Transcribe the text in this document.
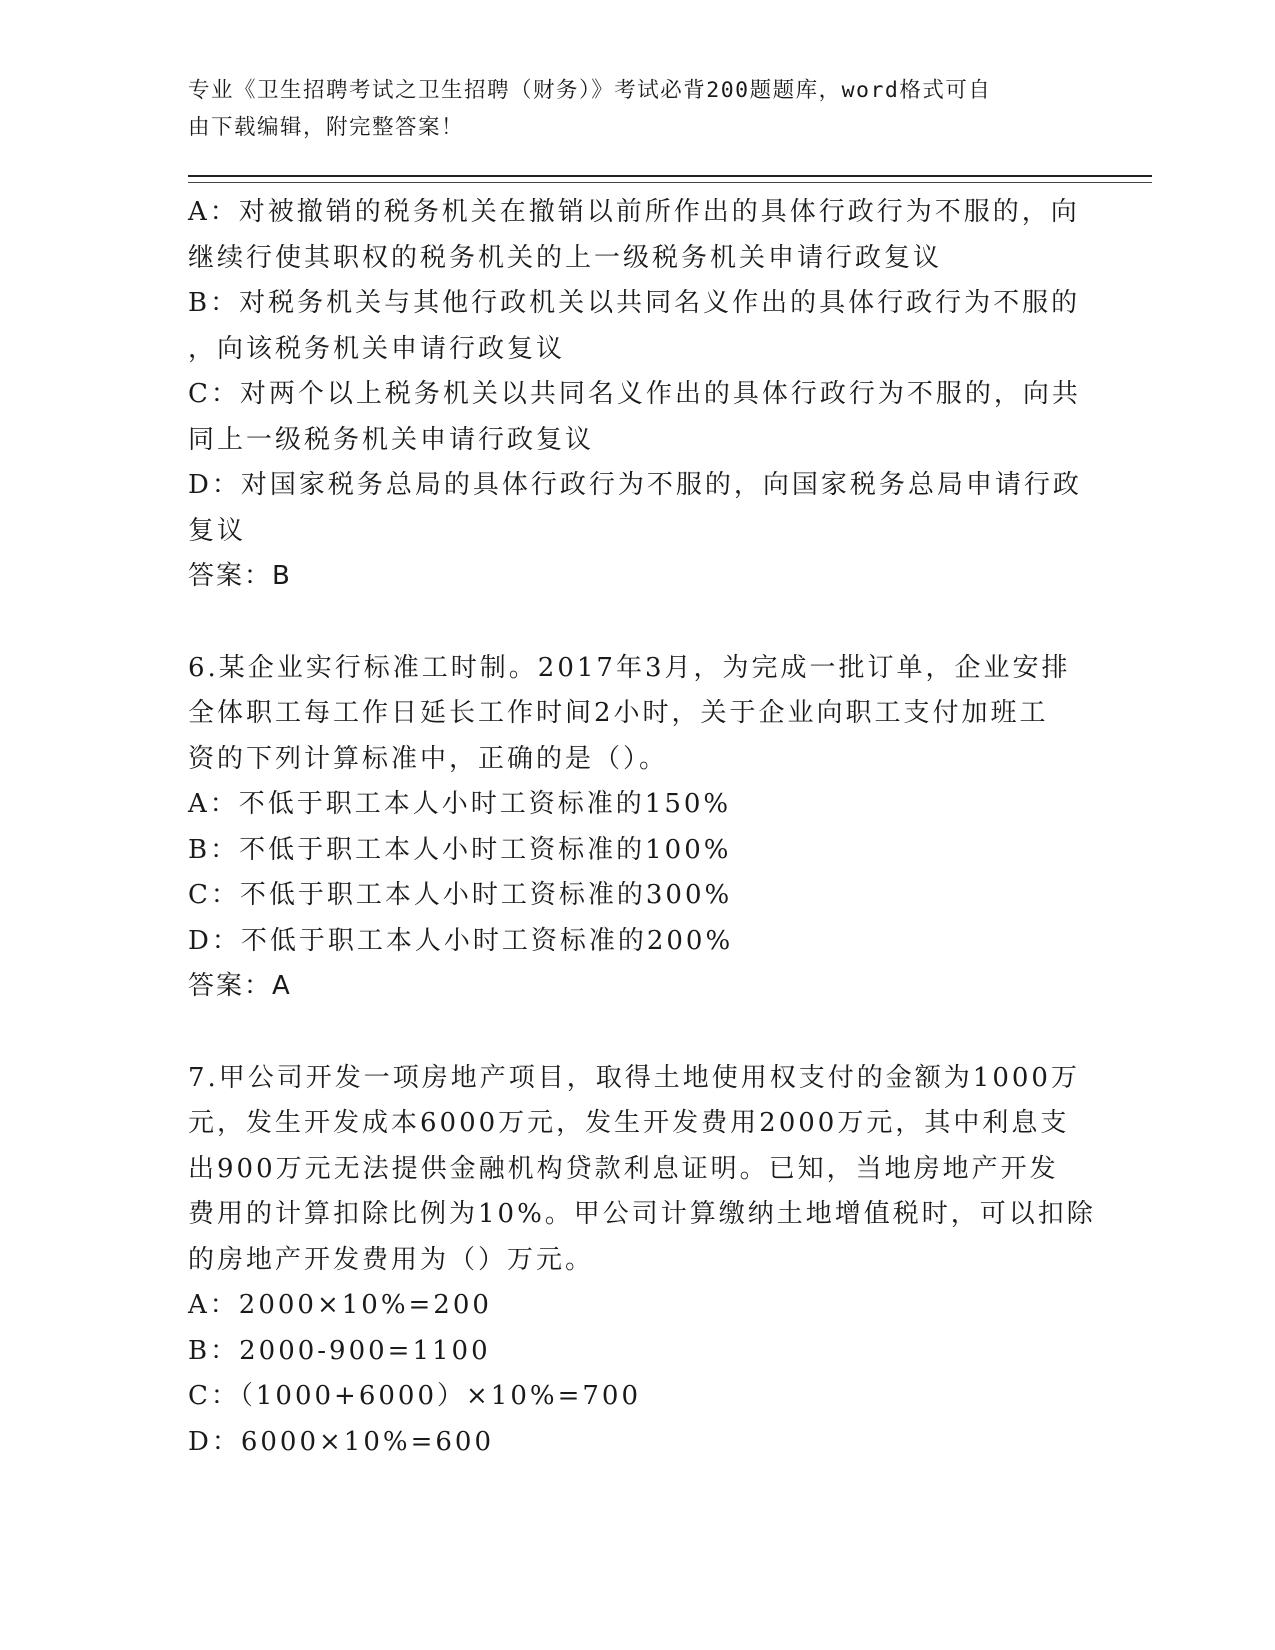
专业《卫生招聘考试之卫生招聘（财务）》考试必背200题题库，word格式可自
由下载编辑，附完整答案！
A：对被撤销的税务机关在撤销以前所作出的具体行政行为不服的，向
继续行使其职权的税务机关的上一级税务机关申请行政复议
B：对税务机关与其他行政机关以共同名义作出的具体行政行为不服的
，向该税务机关申请行政复议
C：对两个以上税务机关以共同名义作出的具体行政行为不服的，向共
同上一级税务机关申请行政复议
D：对国家税务总局的具体行政行为不服的，向国家税务总局申请行政
复议
答案：B
6.某企业实行标准工时制。2017年3月，为完成一批订单，企业安排
全体职工每工作日延长工作时间2小时，关于企业向职工支付加班工
资的下列计算标准中，正确的是（）。
A：不低于职工本人小时工资标准的150%
B：不低于职工本人小时工资标准的100%
C：不低于职工本人小时工资标准的300%
D：不低于职工本人小时工资标准的200%
答案：A
7.甲公司开发一项房地产项目，取得土地使用权支付的金额为1000万
元，发生开发成本6000万元，发生开发费用2000万元，其中利息支
出900万元无法提供金融机构贷款利息证明。已知，当地房地产开发
费用的计算扣除比例为10%。甲公司计算缴纳土地增值税时，可以扣除
的房地产开发费用为（）万元。
A：2000×10%=200
B：2000-900=1100
C：（1000+6000）×10%=700
D：6000×10%=600
